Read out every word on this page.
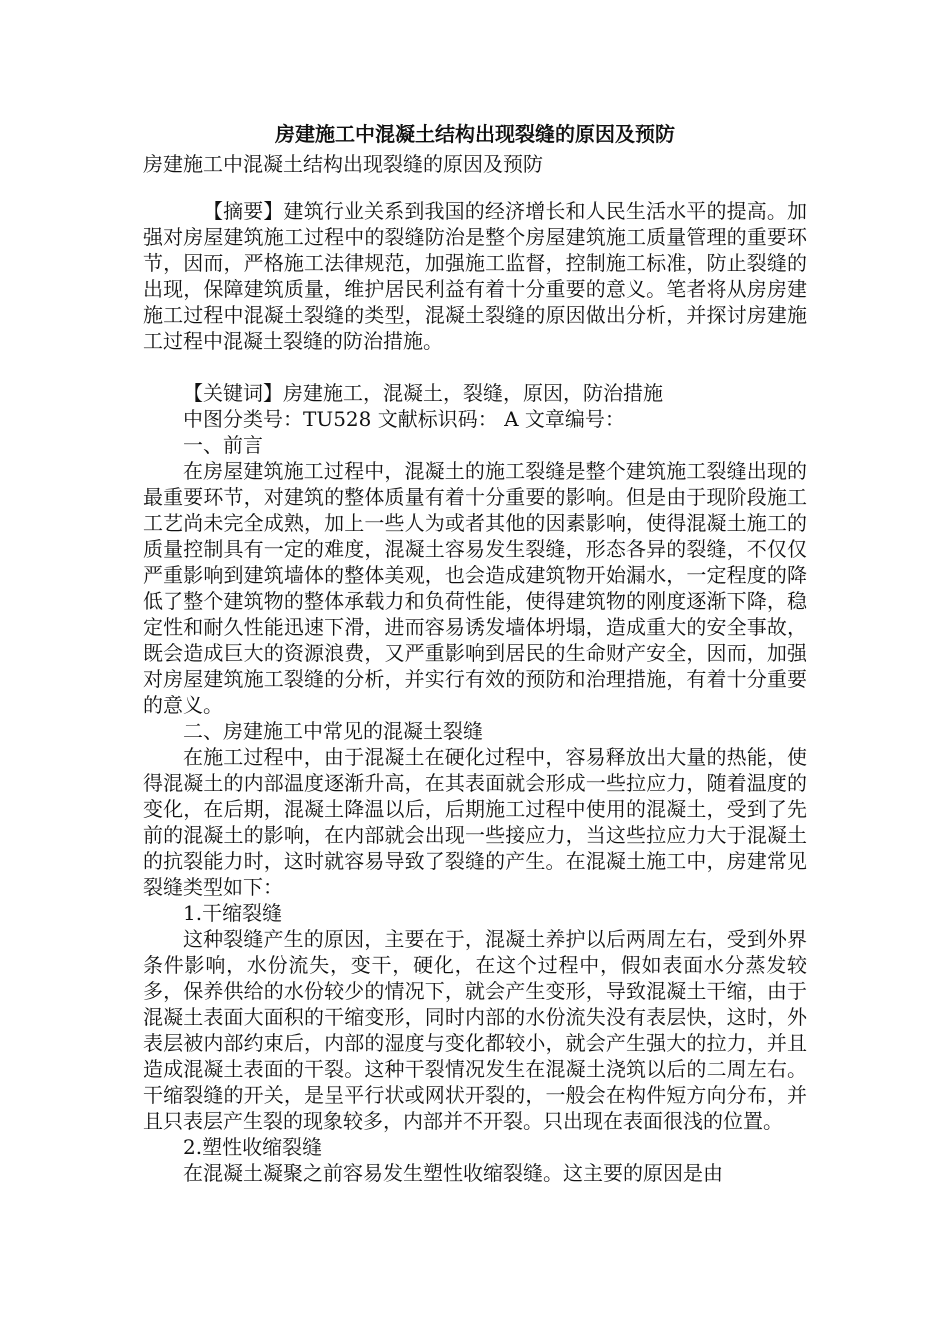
房建施工中混凝土结构出现裂缝的原因及预防

房建施工中混凝土结构出现裂缝的原因及预防

【摘要】建筑行业关系到我国的经济增长和人民生活水平的提高。加强对房屋建筑施工过程中的裂缝防治是整个房屋建筑施工质量管理的重要环节，因而，严格施工法律规范，加强施工监督，控制施工标准，防止裂缝的出现，保障建筑质量，维护居民利益有着十分重要的意义。笔者将从房房建施工过程中混凝土裂缝的类型，混凝土裂缝的原因做出分析，并探讨房建施工过程中混凝土裂缝的防治措施。

【关键词】房建施工，混凝土，裂缝，原因，防治措施

中图分类号：TU528 文献标识码： A 文章编号：

一、前言

在房屋建筑施工过程中，混凝土的施工裂缝是整个建筑施工裂缝出现的最重要环节，对建筑的整体质量有着十分重要的影响。但是由于现阶段施工工艺尚未完全成熟，加上一些人为或者其他的因素影响，使得混凝土施工的质量控制具有一定的难度，混凝土容易发生裂缝，形态各异的裂缝，不仅仅严重影响到建筑墙体的整体美观，也会造成建筑物开始漏水，一定程度的降低了整个建筑物的整体承载力和负荷性能，使得建筑物的刚度逐渐下降，稳定性和耐久性能迅速下滑，进而容易诱发墙体坍塌，造成重大的安全事故，既会造成巨大的资源浪费，又严重影响到居民的生命财产安全，因而，加强对房屋建筑施工裂缝的分析，并实行有效的预防和治理措施，有着十分重要的意义。

二、房建施工中常见的混凝土裂缝

在施工过程中，由于混凝土在硬化过程中，容易释放出大量的热能，使得混凝土的内部温度逐渐升高，在其表面就会形成一些拉应力，随着温度的变化，在后期，混凝土降温以后，后期施工过程中使用的混凝土，受到了先前的混凝土的影响，在内部就会出现一些接应力，当这些拉应力大于混凝土的抗裂能力时，这时就容易导致了裂缝的产生。在混凝土施工中，房建常见裂缝类型如下：

1.干缩裂缝

这种裂缝产生的原因，主要在于，混凝土养护以后两周左右，受到外界条件影响，水份流失，变干，硬化，在这个过程中，假如表面水分蒸发较多，保养供给的水份较少的情况下，就会产生变形，导致混凝土干缩，由于混凝土表面大面积的干缩变形，同时内部的水份流失没有表层快，这时，外表层被内部约束后，内部的湿度与变化都较小，就会产生强大的拉力，并且造成混凝土表面的干裂。这种干裂情况发生在混凝土浇筑以后的二周左右。干缩裂缝的开关，是呈平行状或网状开裂的，一般会在构件短方向分布，并且只表层产生裂的现象较多，内部并不开裂。只出现在表面很浅的位置。

2.塑性收缩裂缝

在混凝土凝聚之前容易发生塑性收缩裂缝。这主要的原因是由
